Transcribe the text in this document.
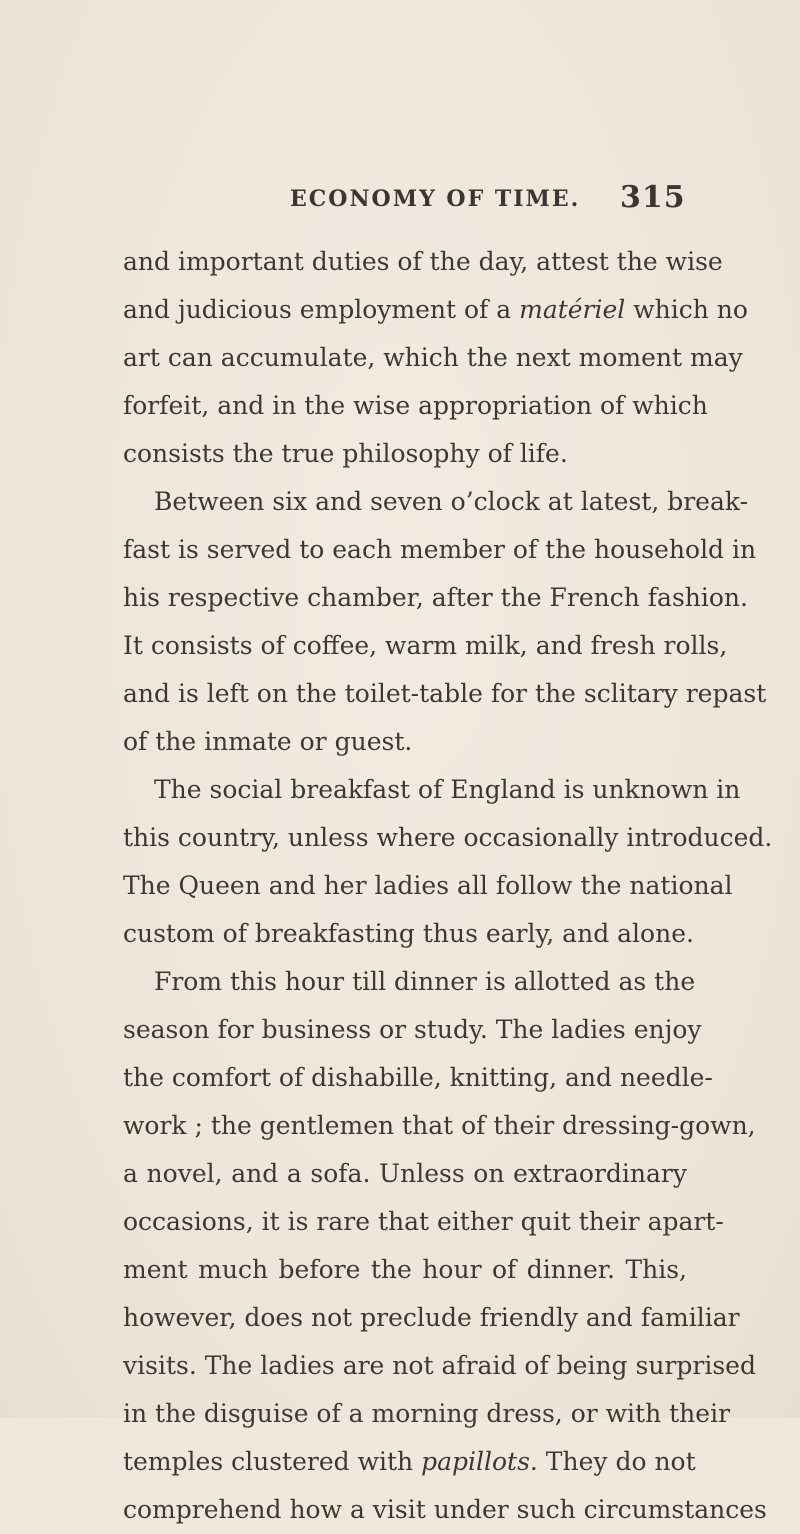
ECONOMY OF TIME. 315
and important duties of the day, attest the wise
and judicious employment of a matériel which no
art can accumulate, which the next moment may
forfeit, and in the wise appropriation of which
consists the true philosophy of life.
Between six and seven o’clock at latest, break-
fast is served to each member of the household in
his respective chamber, after the French fashion.
It consists of coffee, warm milk, and fresh rolls,
and is left on the toilet-table for the sclitary repast
of the inmate or guest.
The social breakfast of England is unknown in
this country, unless where occasionally introduced.
The Queen and her ladies all follow the national
custom of breakfasting thus early, and alone.
From this hour till dinner is allotted as the
season for business or study. The ladies enjoy
the comfort of dishabille, knitting, and needle-
work ; the gentlemen that of their dressing-gown,
a novel, and a sofa. Unless on extraordinary
occasions, it is rare that either quit their apart-
ment much before the hour of dinner. This,
however, does not preclude friendly and familiar
visits. The ladies are not afraid of being surprised
in the disguise of a morning dress, or with their
temples clustered with papillots. They do not
comprehend how a visit under such circumstances
